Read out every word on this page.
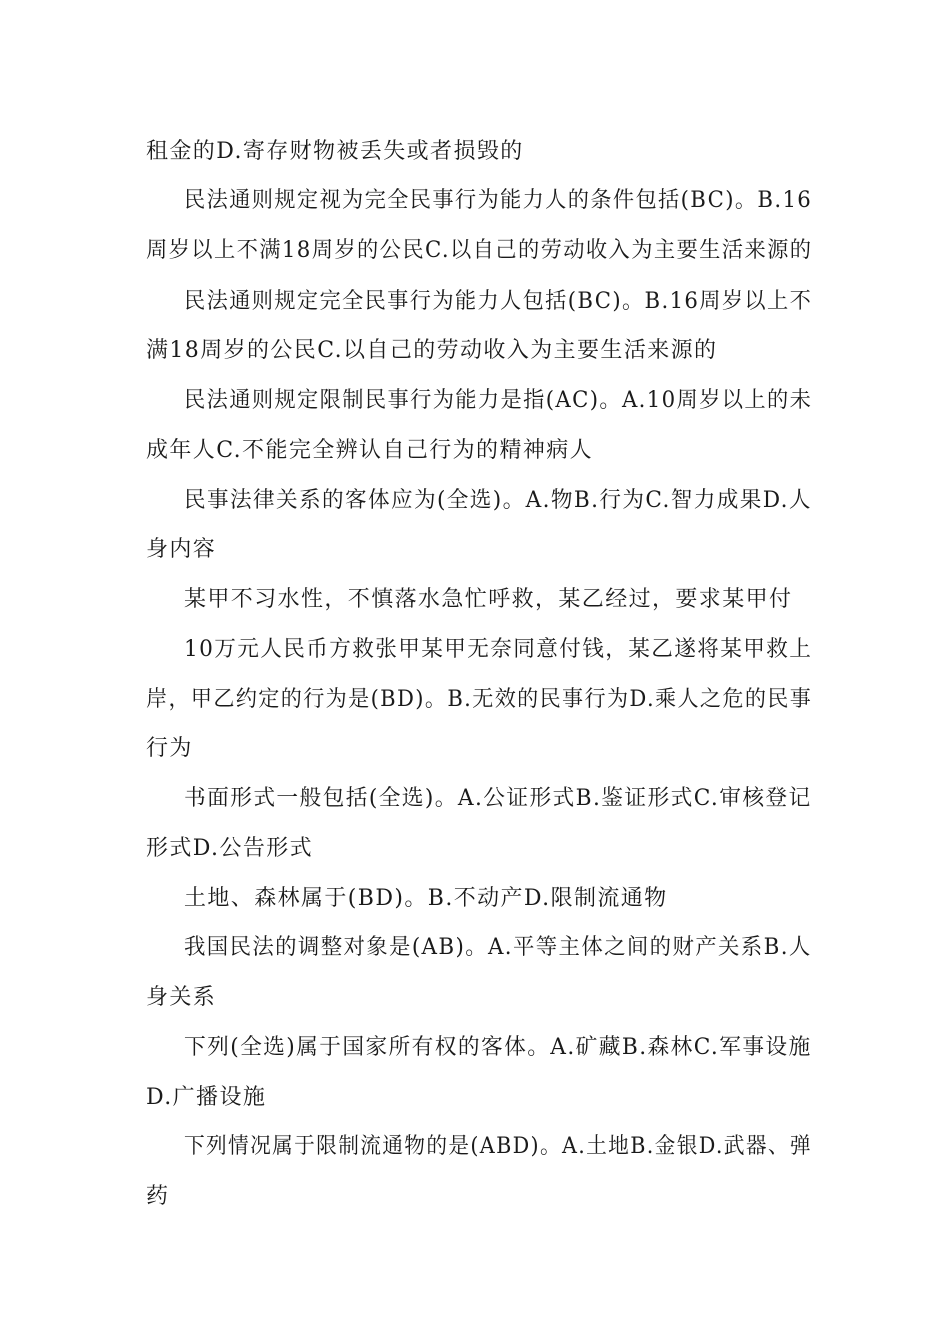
租金的D.寄存财物被丢失或者损毁的
民法通则规定视为完全民事行为能力人的条件包括(BC)。B.16
周岁以上不满18周岁的公民C.以自己的劳动收入为主要生活来源的
民法通则规定完全民事行为能力人包括(BC)。B.16周岁以上不
满18周岁的公民C.以自己的劳动收入为主要生活来源的
民法通则规定限制民事行为能力是指(AC)。A.10周岁以上的未
成年人C.不能完全辨认自己行为的精神病人
民事法律关系的客体应为(全选)。A.物B.行为C.智力成果D.人
身内容
某甲不习水性，不慎落水急忙呼救，某乙经过，要求某甲付
10万元人民币方救张甲某甲无奈同意付钱，某乙遂将某甲救上
岸，甲乙约定的行为是(BD)。B.无效的民事行为D.乘人之危的民事
行为
书面形式一般包括(全选)。A.公证形式B.鉴证形式C.审核登记
形式D.公告形式
土地、森林属于(BD)。B.不动产D.限制流通物
我国民法的调整对象是(AB)。A.平等主体之间的财产关系B.人
身关系
下列(全选)属于国家所有权的客体。A.矿藏B.森林C.军事设施
D.广播设施
下列情况属于限制流通物的是(ABD)。A.土地B.金银D.武器、弹
药
